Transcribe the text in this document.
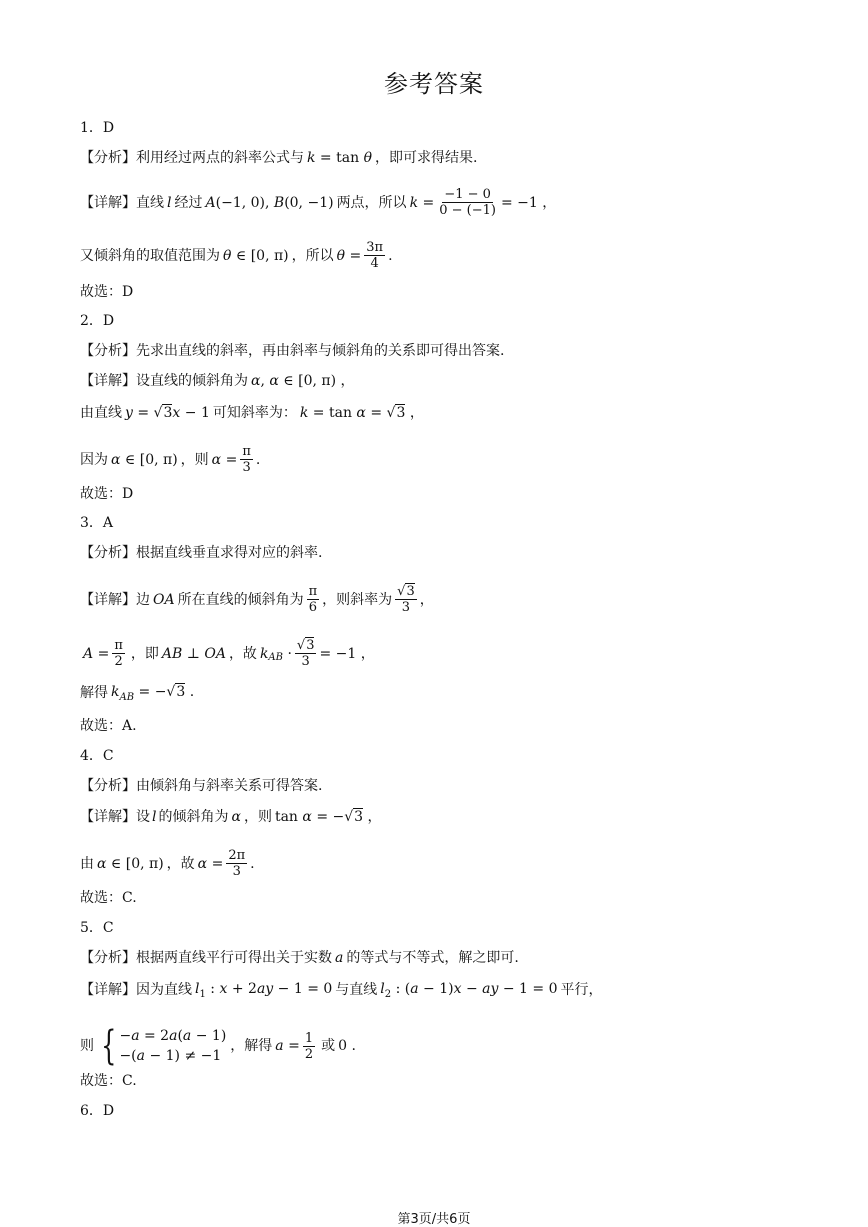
参考答案
1．D
【分析】 利用经过两点的斜率公式与 k = tan θ ，即可求得结果.
【详解】 直线 l 经过 A(−1, 0), B(0, −1) 两点，所以 $k = \frac{-1 - 0}{0 - (-1)} = -1$ ，
又倾斜角的取值范围为 θ ∈ [0, π) ，所以 $\theta = \frac{3\pi}{4}$ .
故选：D
2．D
【分析】 先求出直线的斜率，再由斜率与倾斜角的关系即可得出答案.
【详解】 设直线的倾斜角为 α, α ∈ [0, π) ，
由直线 y = √3x − 1 可知斜率为： k = tan α = √3 ，
因为 α ∈ [0, π) ，则 $\alpha = \frac{\pi}{3}$ .
故选：D
3．A
【分析】 根据直线垂直求得对应的斜率.
【详解】 边 OA 所在直线的倾斜角为 $\frac{\pi}{6}$ ，则斜率为 $\frac{√3}{3}$ ，
$A = \frac{\pi}{2}$ ，即 AB ⊥ OA ，故 k AB · $\frac{√3}{3} = -1$ ，
解得 $k_{AB} = -√3$ .
故选：A.
4．C
【分析】 由倾斜角与斜率关系可得答案.
【详解】 设 l 的倾斜角为 α ，则 tan α = −√3 ，
由 α ∈ [0, π) ，故 $\alpha = \frac{2\pi}{3}$ .
故选：C.
5．C
【分析】 根据两直线平行可得出关于实数 a 的等式与不等式，解之即可.
【详解】 因为直线 $l_1$ : x + 2ay − 1 = 0 与直线 $l_2$ : (a − 1)x − ay − 1 = 0 平行，
则 { −a = 2a(a − 1)
−(a − 1) ≠ −1
，解得 $a = \frac{1}{2}$ 或 0 .
故选：C.
6．D
第3页/共6页
